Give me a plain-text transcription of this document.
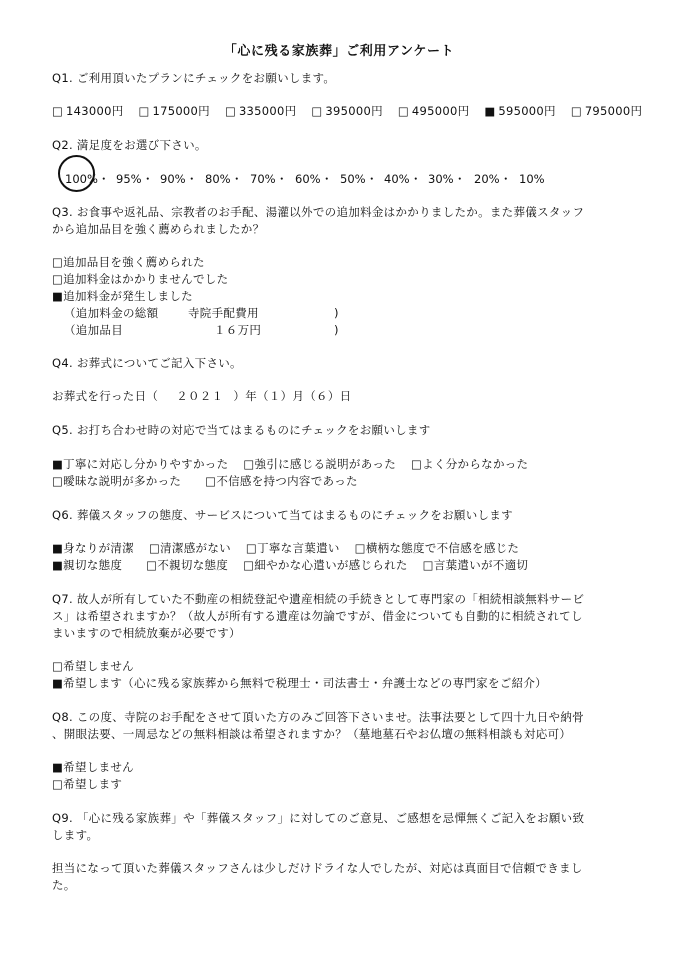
「心に残る家族葬」ご利用アンケート
Q1. ご利用頂いたプランにチェックをお願いします。
□ 143000円 □ 175000円 □ 335000円 □ 395000円 □ 495000円 ■ 595000円 □ 795000円
Q2. 満足度をお選び下さい。
100% ・ 95% ・ 90% ・ 80% ・ 70% ・ 60% ・ 50% ・ 40% ・ 30% ・ 20% ・ 10%
Q3. お食事や返礼品、宗教者のお手配、湯灌以外での追加料金はかかりましたか。また葬儀スタッフ
から追加品目を強く薦められましたか？
□追加品目を強く薦められた
□追加料金はかかりませんでした
■追加料金が発生しました
（追加料金の総額	寺院手配費用	)
（追加品目	１６万円	)
Q4. お葬式についてご記入下さい。
お葬式を行った日（ ２０２１ ）年（１）月（６）日
Q5. お打ち合わせ時の対応で当てはまるものにチェックをお願いします
■丁寧に対応し分かりやすかった □強引に感じる説明があった □よく分からなかった
□曖昧な説明が多かった □不信感を持つ内容であった
Q6. 葬儀スタッフの態度、サービスについて当てはまるものにチェックをお願いします
■身なりが清潔 □清潔感がない □丁寧な言葉遣い □横柄な態度で不信感を感じた
■親切な態度 □不親切な態度 □細やかな心遣いが感じられた □言葉遣いが不適切
Q7. 故人が所有していた不動産の相続登記や遺産相続の手続きとして専門家の「相続相談無料サービ
ス」は希望されますか？（故人が所有する遺産は勿論ですが、借金についても自動的に相続されてし
まいますので相続放棄が必要です）
□希望しません
■希望します（心に残る家族葬から無料で税理士・司法書士・弁護士などの専門家をご紹介）
Q8. この度、寺院のお手配をさせて頂いた方のみご回答下さいませ。法事法要として四十九日や納骨
、開眼法要、一周忌などの無料相談は希望されますか？（墓地墓石やお仏壇の無料相談も対応可）
■希望しません
□希望します
Q9. 「心に残る家族葬」や「葬儀スタッフ」に対してのご意見、ご感想を忌憚無くご記入をお願い致
します。
担当になって頂いた葬儀スタッフさんは少しだけドライな人でしたが、対応は真面目で信頼できまし
た。
